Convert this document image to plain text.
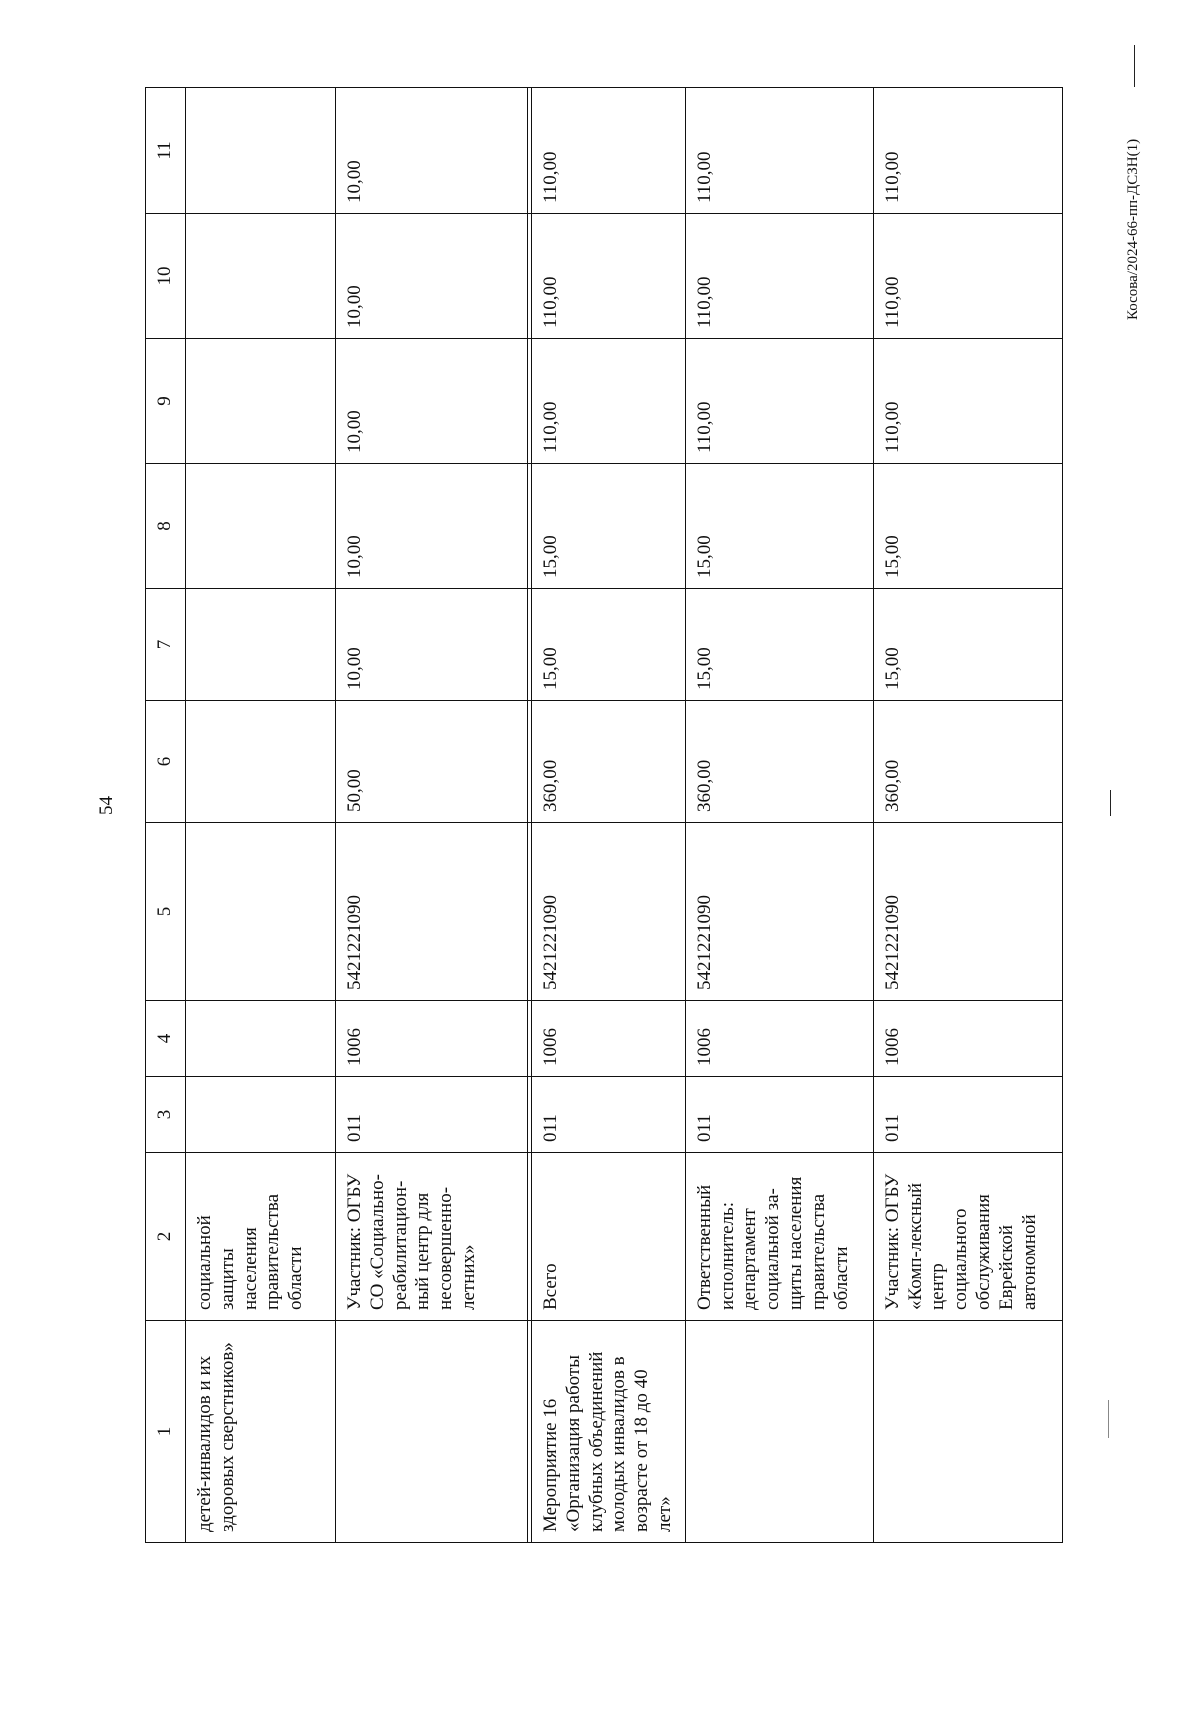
54
Косова/2024-66-пп-ДСЗН(1)
1	2	3	4	5	6	7	8	9	10	11
детей-инвалидов и их здоровых сверстников»	социальной защиты населения правительства области									
	Участник: ОГБУ СО «Социально-реабилитацион-ный центр для несовершенно-летних»	011	1006	5421221090	50,00	10,00	10,00	10,00	10,00	10,00

Мероприятие 16 «Организация работы клубных объединений молодых инвалидов в возрасте от 18 до 40 лет»	Всего	011	1006	5421221090	360,00	15,00	15,00	110,00	110,00	110,00
	Ответственный исполнитель: департамент социальной за-щиты населения правительства области	011	1006	5421221090	360,00	15,00	15,00	110,00	110,00	110,00
	Участник: ОГБУ «Комп-лексный центр социального обслуживания Еврейской автономной	011	1006	5421221090	360,00	15,00	15,00	110,00	110,00	110,00
